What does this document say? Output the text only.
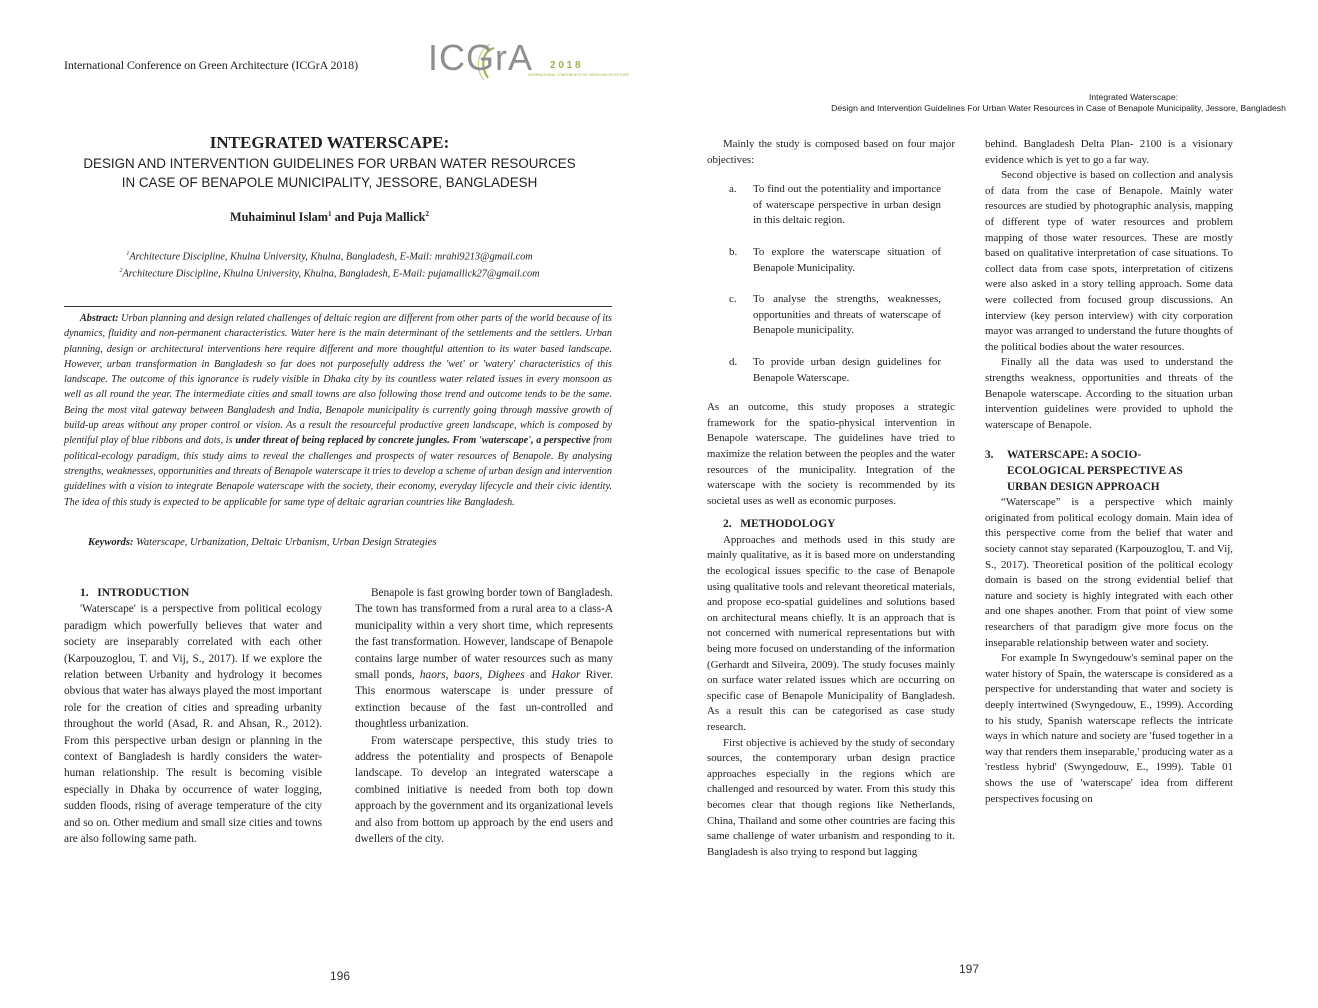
International Conference on Green Architecture (ICGrA 2018) ICGrA 2 0 1 8
INTERNATIONAL CONFERENCE ON GREEN ARCHITECTURE
INTEGRATED WATERSCAPE:
DESIGN AND INTERVENTION GUIDELINES FOR URBAN WATER RESOURCES
IN CASE OF BENAPOLE MUNICIPALITY, JESSORE, BANGLADESH
Muhaiminul Islam$^1$ and Puja Mallick$^2$
$^1$Architecture Discipline, Khulna University, Khulna, Bangladesh, E-Mail: mrahi9213@gmail.com
$^2$Architecture Discipline, Khulna University, Khulna, Bangladesh, E-Mail: pujamallick27@gmail.com

Abstract: Urban planning and design related challenges of deltaic region are different from other parts of the world because of its dynamics, fluidity and non-permanent characteristics. Water here is the main determinant of the settlements and the settlers. Urban planning, design or architectural interventions here require different and more thoughtful attention to its water based landscape. However, urban transformation in Bangladesh so far does not purposefully address the 'wet' or 'watery' characteristics of this landscape. The outcome of this ignorance is rudely visible in Dhaka city by its countless water related issues in every monsoon as well as all round the year. The intermediate cities and small towns are also following those trend and outcome tends to be the same. Being the most vital gateway between Bangladesh and India, Benapole municipality is currently going through massive growth of build-up areas without any proper control or vision. As a result the resourceful productive green landscape, which is composed by plentiful play of blue ribbons and dots, is under threat of being replaced by concrete jungles. From 'waterscape', a perspective from political-ecology paradigm, this study aims to reveal the challenges and prospects of water resources of Benapole. By analysing strengths, weaknesses, opportunities and threats of Benapole waterscape it tries to develop a scheme of urban design and intervention guidelines with a vision to integrate Benapole waterscape with the society, their economy, everyday lifecycle and their civic identity. The idea of this study is expected to be applicable for same type of deltaic agrarian countries like Bangladesh.

Keywords: Waterscape, Urbanization, Deltaic Urbanism, Urban Design Strategies

1.   INTRODUCTION

'Waterscape' is a perspective from political ecology paradigm which powerfully believes that water and society are inseparably correlated with each other (Karpouzoglou, T. and Vij, S., 2017). If we explore the relation between Urbanity and hydrology it becomes obvious that water has always played the most important role for the creation of cities and spreading urbanity throughout the world (Asad, R. and Ahsan, R., 2012). From this perspective urban design or planning in the context of Bangladesh is hardly considers the water-human relationship. The result is becoming visible especially in Dhaka by occurrence of water logging, sudden floods, rising of average temperature of the city and so on. Other medium and small size cities and towns are also following same path.

Benapole is fast growing border town of Bangladesh. The town has transformed from a rural area to a class-A municipality within a very short time, which represents the fast transformation. However, landscape of Benapole contains large number of water resources such as many small ponds, haors, baors, Dighees and Hakor River. This enormous waterscape is under pressure of extinction because of the fast un-controlled and thoughtless urbanization.

From waterscape perspective, this study tries to address the potentiality and prospects of Benapole landscape. To develop an integrated waterscape a combined initiative is needed from both top down approach by the government and its organizational levels and also from bottom up approach by the end users and dwellers of the city.

196
Integrated Waterscape:
Design and Intervention Guidelines For Urban Water Resources in Case of Benapole Municipality, Jessore, Bangladesh

Mainly the study is composed based on four major objectives:

a.	To find out the potentiality and importance of waterscape perspective in urban design in this deltaic region.
b.	To explore the waterscape situation of Benapole Municipality.
c.	To analyse the strengths, weaknesses, opportunities and threats of waterscape of Benapole municipality.
d.	To provide urban design guidelines for Benapole Waterscape.

As an outcome, this study proposes a strategic framework for the spatio-physical intervention in Benapole waterscape. The guidelines have tried to maximize the relation between the peoples and the water resources of the municipality. Integration of the waterscape with the society is recommended by its societal uses as well as economic purposes.

2.   METHODOLOGY

Approaches and methods used in this study are mainly qualitative, as it is based more on understanding the ecological issues specific to the case of Benapole using qualitative tools and relevant theoretical materials, and propose eco-spatial guidelines and solutions based on architectural means chiefly. It is an approach that is not concerned with numerical representations but with being more focused on understanding of the information (Gerhardt and Silveira, 2009). The study focuses mainly on surface water related issues which are occurring on specific case of Benapole Municipality of Bangladesh. As a result this can be categorised as case study research.

First objective is achieved by the study of secondary sources, the contemporary urban design practice approaches especially in the regions which are challenged and resourced by water. From this study this becomes clear that though regions like Netherlands, China, Thailand and some other countries are facing this same challenge of water urbanism and responding to it. Bangladesh is also trying to respond but lagging

behind. Bangladesh Delta Plan- 2100 is a visionary evidence which is yet to go a far way.

Second objective is based on collection and analysis of data from the case of Benapole. Mainly water resources are studied by photographic analysis, mapping of different type of water resources and problem mapping of those water resources. These are mostly based on qualitative interpretation of case situations. To collect data from case spots, interpretation of citizens were also asked in a story telling approach. Some data were collected from focused group discussions. An interview (key person interview) with city corporation mayor was arranged to understand the future thoughts of the political bodies about the water resources.

Finally all the data was used to understand the strengths weakness, opportunities and threats of the Benapole waterscape. According to the situation urban intervention guidelines were provided to uphold the waterscape of Benapole.

3.	WATERSCAPE: A SOCIO-
ECOLOGICAL PERSPECTIVE AS
URBAN DESIGN APPROACH

“Waterscape” is a perspective which mainly originated from political ecology domain. Main idea of this perspective come from the belief that water and society cannot stay separated (Karpouzoglou, T. and Vij, S., 2017). Theoretical position of the political ecology domain is based on the strong evidential belief that nature and society is highly integrated with each other and one shapes another. From that point of view some researchers of that paradigm give more focus on the inseparable relationship between water and society.

For example In Swyngedouw's seminal paper on the water history of Spain, the waterscape is considered as a perspective for understanding that water and society is deeply intertwined (Swyngedouw, E., 1999). According to his study, Spanish waterscape reflects the intricate ways in which nature and society are 'fused together in a way that renders them inseparable,' producing water as a 'restless hybrid' (Swyngedouw, E., 1999). Table 01 shows the use of 'waterscape' idea from different perspectives focusing on

197
